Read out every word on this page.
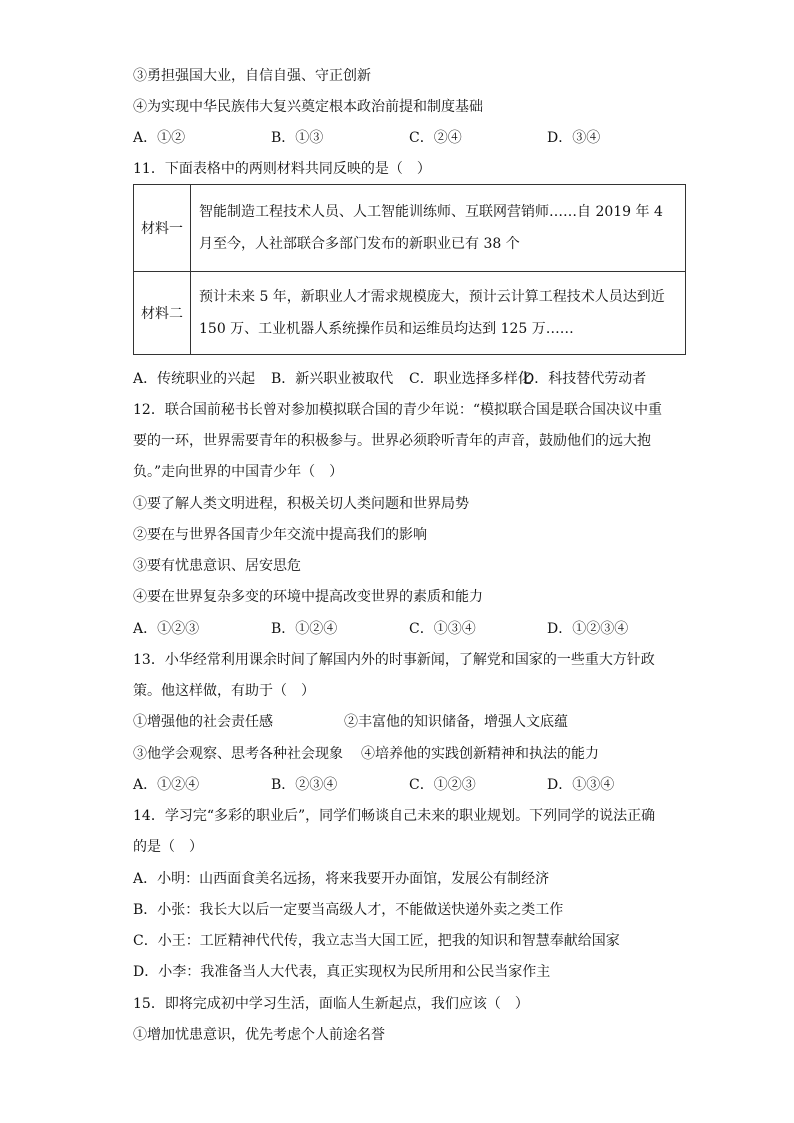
③勇担强国大业，自信自强、守正创新
④为实现中华民族伟大复兴奠定根本政治前提和制度基础
A．①②	B．①③	C．②④	D．③④
11．下面表格中的两则材料共同反映的是（　）
材料一	智能制造工程技术人员、人工智能训练师、互联网营销师……自 2019 年 4 月至今，人社部联合多部门发布的新职业已有 38 个
材料二	预计未来 5 年，新职业人才需求规模庞大，预计云计算工程技术人员达到近 150 万、工业机器人系统操作员和运维员均达到 125 万……
A．传统职业的兴起 B．新兴职业被取代 C．职业选择多样化
D．科技替代劳动者
12．联合国前秘书长曾对参加模拟联合国的青少年说：“模拟联合国是联合国决议中重
要的一环，世界需要青年的积极参与。世界必须聆听青年的声音，鼓励他们的远大抱
负。”走向世界的中国青少年（　）
①要了解人类文明进程，积极关切人类问题和世界局势
②要在与世界各国青少年交流中提高我们的影响
③要有忧患意识、居安思危
④要在世界复杂多变的环境中提高改变世界的素质和能力
A．①②③	B．①②④	C．①③④	D．①②③④
13．小华经常利用课余时间了解国内外的时事新闻，了解党和国家的一些重大方针政
策。他这样做，有助于（　）
①增强他的社会责任感	②丰富他的知识储备，增强人文底蕴
③他学会观察、思考各种社会现象 ④培养他的实践创新精神和执法的能力
A．①②④	B．②③④	C．①②③	D．①③④
14．学习完“多彩的职业后”，同学们畅谈自己未来的职业规划。下列同学的说法正确
的是（　）
A．小明：山西面食美名远扬，将来我要开办面馆，发展公有制经济
B．小张：我长大以后一定要当高级人才，不能做送快递外卖之类工作
C．小王：工匠精神代代传，我立志当大国工匠，把我的知识和智慧奉献给国家
D．小李：我准备当人大代表，真正实现权为民所用和公民当家作主
15．即将完成初中学习生活，面临人生新起点，我们应该（　）
①增加忧患意识，优先考虑个人前途名誉
